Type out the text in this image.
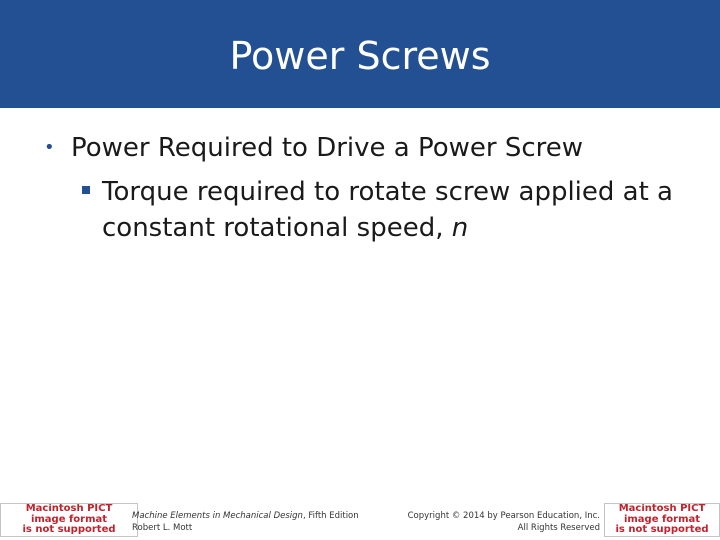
Power Screws
• Power Required to Drive a Power Screw
Torque required to rotate screw applied at a constant rotational speed, n
Macintosh PICT
image format
is not supported
Machine Elements in Mechanical Design, Fifth Edition
Robert L. Mott
Copyright © 2014 by Pearson Education, Inc.
All Rights Reserved
Macintosh PICT
image format
is not supported
